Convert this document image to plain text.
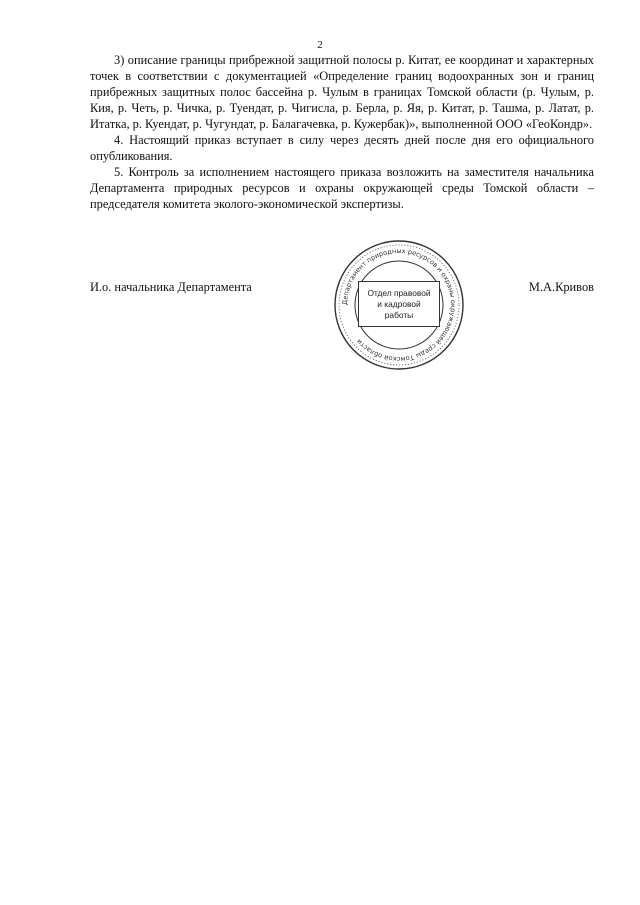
2

3) описание границы прибрежной защитной полосы р. Китат, ее координат и характерных точек в соответствии с документацией «Определение границ водоохранных зон и границ прибрежных защитных полос бассейна р. Чулым в границах Томской области (р. Чулым, р. Кия, р. Четь, р. Чичка, р. Туендат, р. Чигисла, р. Берла, р. Яя, р. Китат, р. Ташма, р. Латат, р. Итатка, р. Куендат, р. Чугундат, р. Балагачевка, р. Кужербак)», выполненной ООО «ГеоКондр».

4. Настоящий приказ вступает в силу через десять дней после дня его официального опубликования.

5. Контроль за исполнением настоящего приказа возложить на заместителя начальника Департамента природных ресурсов и охраны окружающей среды Томской области – председателя комитета эколого-экономической экспертизы.

И.о. начальника Департамента	М.А.Кривов
Департамент природных ресурсов и охраны окружающей среды Томской области
Отдел правовой
и кадровой
работы
